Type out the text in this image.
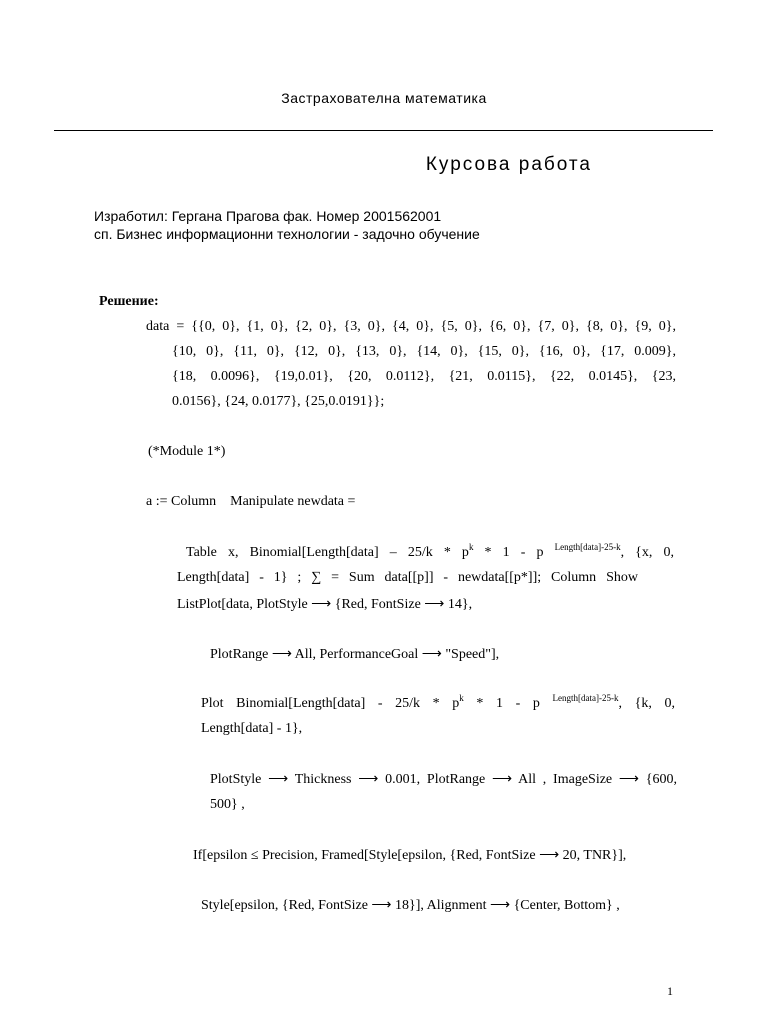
Застрахователна математика
Курсова работа
Изработил: Гергана Прагова фак. Номер 2001562001
сп. Бизнес информационни технологии - задочно обучение
Решение:
data = {{0, 0}, {1, 0}, {2, 0}, {3, 0}, {4, 0}, {5, 0}, {6, 0}, {7, 0}, {8, 0}, {9, 0},
{10, 0}, {11, 0}, {12, 0}, {13, 0}, {14, 0}, {15, 0}, {16, 0}, {17, 0.009},
{18, 0.0096}, {19,0.01}, {20, 0.0112}, {21, 0.0115}, {22, 0.0145}, {23,
0.0156}, {24, 0.0177}, {25,0.0191}};
(*Module 1*)
a := Column    Manipulate newdata =
Table x, Binomial[Length[data] – $25/k * p^k * 1$ - p $^{Length[data]-25-k}$, {x, 0,
Length[data] - 1} ; ∑ = Sum data[[p]] - newdata[[p*]]; Column Show
ListPlot[data, PlotStyle ⟶ {Red, FontSize ⟶ 14},
PlotRange ⟶ All, PerformanceGoal ⟶ "Speed"],
Plot Binomial[Length[data] - $25/k * p^k * 1$ - p $^{Length[data]-25-k}$, {k, 0,
Length[data] - 1},
PlotStyle ⟶ Thickness ⟶ 0.001, PlotRange ⟶ All , ImageSize ⟶ {600,
500} ,
If[epsilon ≤ Precision, Framed[Style[epsilon, {Red, FontSize ⟶ 20, TNR}],
Style[epsilon, {Red, FontSize ⟶ 18}], Alignment ⟶ {Center, Bottom} ,
1
